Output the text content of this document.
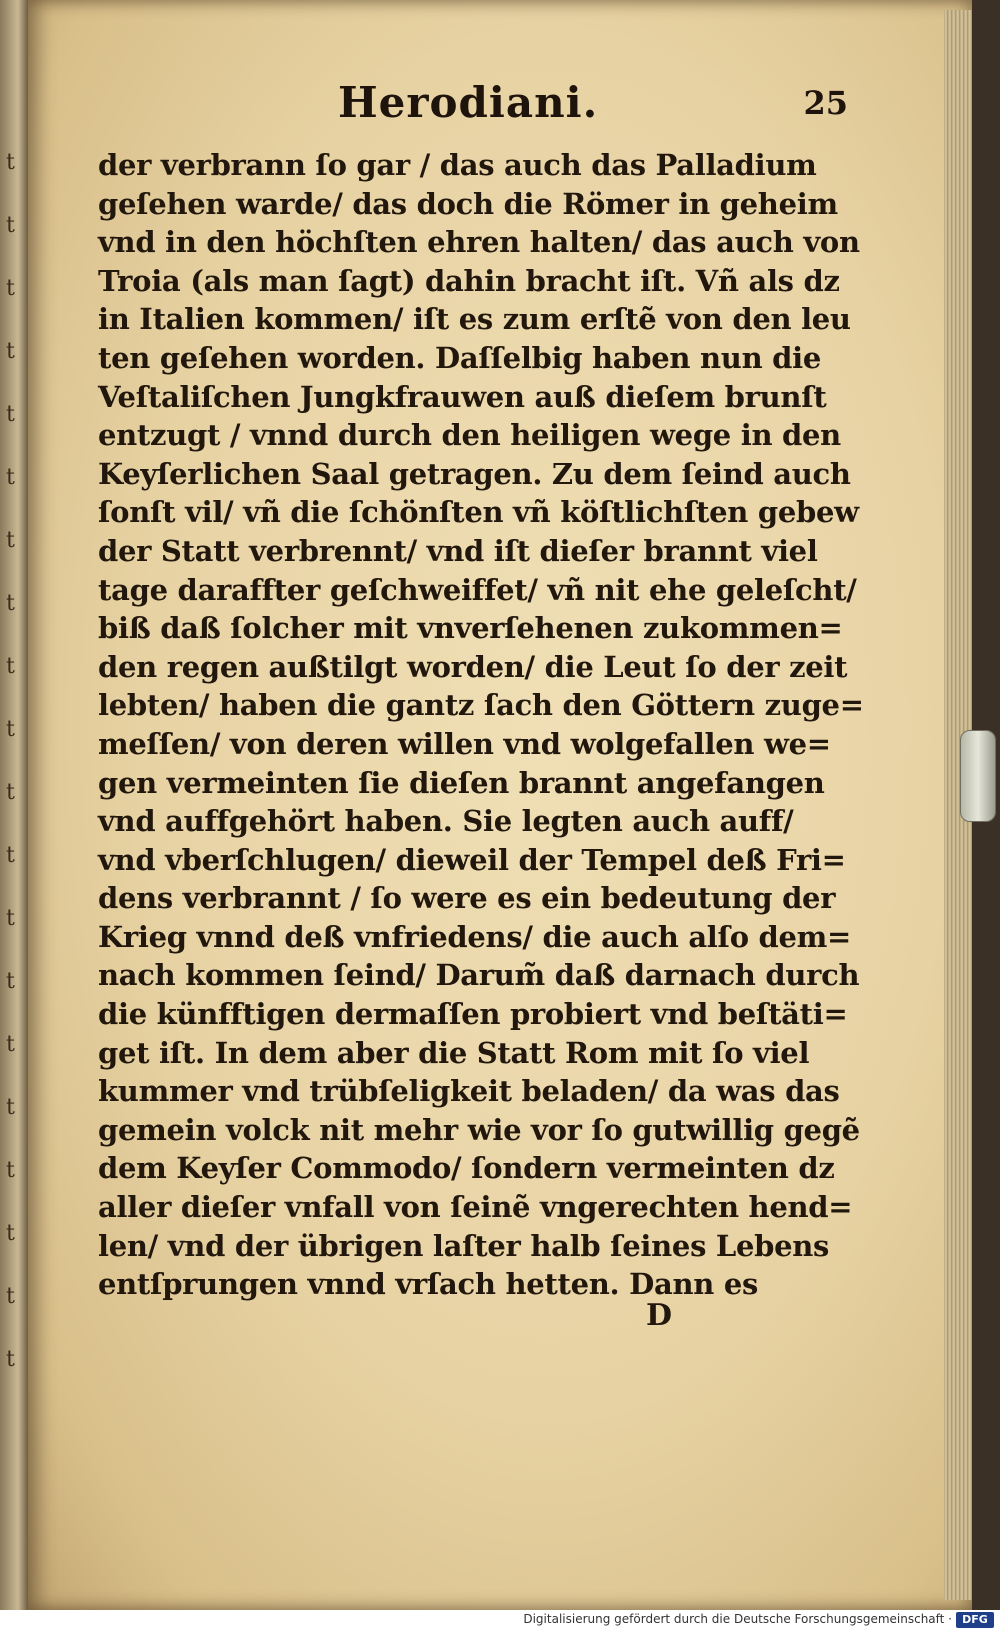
t
t
t
t
t
t
t
t
t
t
t
t
t
t
t
t
t
t
t
t
Herodiani.	25
der verbrann ſo gar / das auch das Palladium
geſehen warde/ das doch die Römer in geheim
vnd in den höchſten ehren halten/ das auch von
Troia (als man ſagt) dahin bracht iſt. Vñ als dz
in Italien kommen/ iſt es zum erſtẽ von den leu
ten geſehen worden. Daſſelbig haben nun die
Veſtaliſchen Jungkfrauwen auß dieſem brunſt
entzugt / vnnd durch den heiligen wege in den
Keyſerlichen Saal getragen. Zu dem ſeind auch
ſonſt vil/ vñ die ſchönſten vñ köſtlichſten gebew
der Statt verbrennt/ vnd iſt dieſer brannt viel
tage daraffter geſchweiffet/ vñ nit ehe geleſcht/
biß daß ſolcher mit vnverſehenen zukommen=
den regen außtilgt worden/ die Leut ſo der zeit
lebten/ haben die gantz ſach den Göttern zuge=
meſſen/ von deren willen vnd wolgefallen we=
gen vermeinten ſie dieſen brannt angefangen
vnd auffgehört haben. Sie legten auch auff/
vnd vberſchlugen/ dieweil der Tempel deß Fri=
dens verbrannt / ſo were es ein bedeutung der
Krieg vnnd deß vnfriedens/ die auch alſo dem=
nach kommen ſeind/ Darum̃ daß darnach durch
die künfftigen dermaſſen probiert vnd beſtäti=
get iſt. In dem aber die Statt Rom mit ſo viel
kummer vnd trübſeligkeit beladen/ da was das
gemein volck nit mehr wie vor ſo gutwillig gegẽ
dem Keyſer Commodo/ ſondern vermeinten dz
aller dieſer vnfall von ſeinẽ vngerechten hend=
len/ vnd der übrigen laſter halb ſeines Lebens
entſprungen vnnd vrſach hetten. Dann es
D
Digitalisierung gefördert durch die Deutsche Forschungsgemeinschaft · DFG
